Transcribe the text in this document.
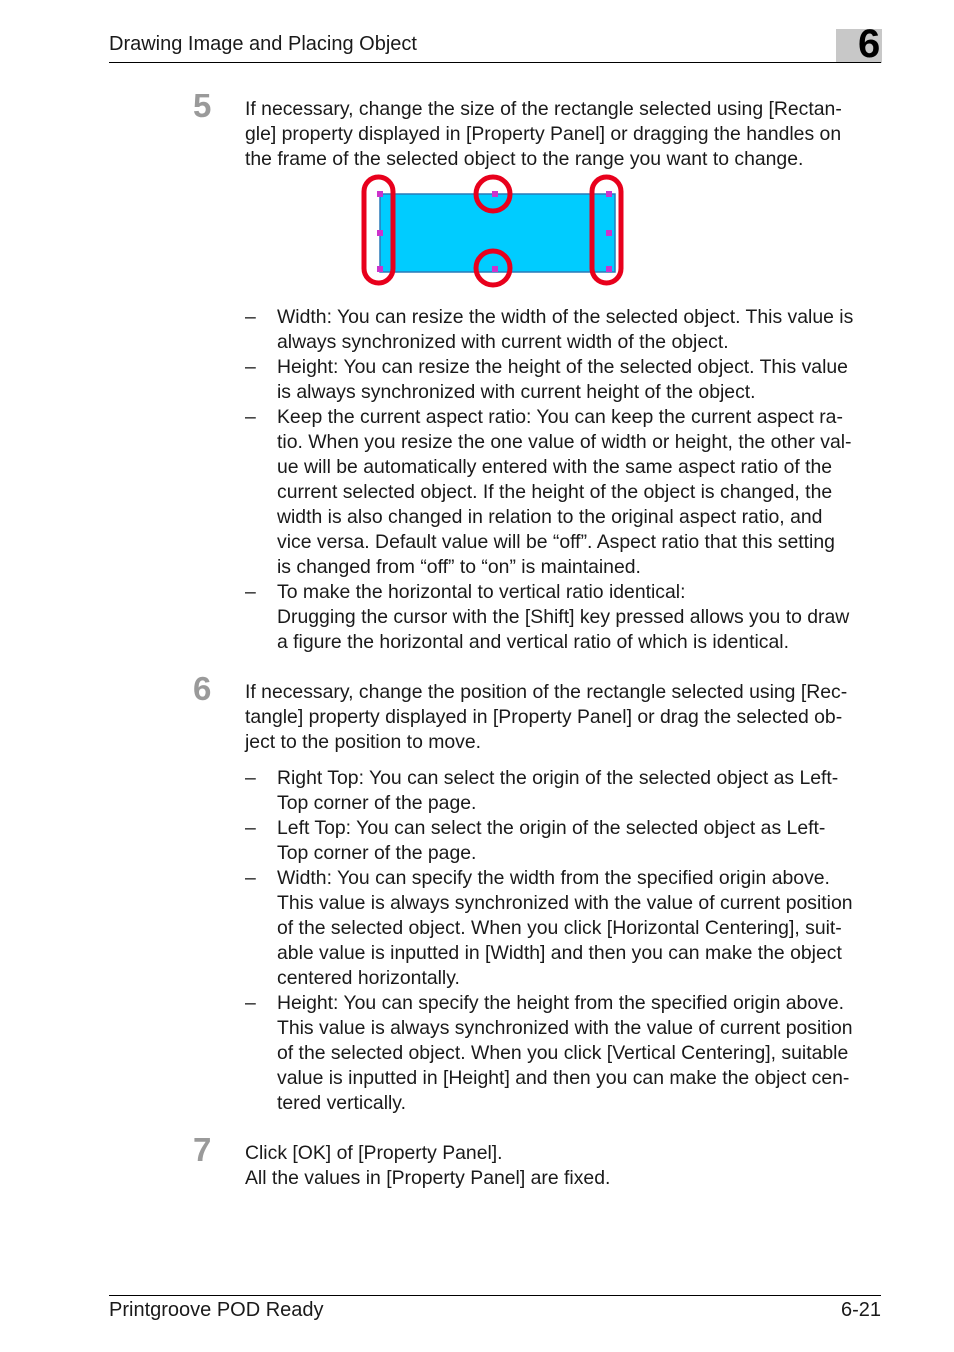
Drawing Image and Placing Object	6
5 If necessary, change the size of the rectangle selected using [Rectan-
gle] property displayed in [Property Panel] or dragging the handles on
the frame of the selected object to the range you want to change.
– Width: You can resize the width of the selected object. This value is
always synchronized with current width of the object.
– Height: You can resize the height of the selected object. This value
is always synchronized with current height of the object.
– Keep the current aspect ratio: You can keep the current aspect ra-
tio. When you resize the one value of width or height, the other val-
ue will be automatically entered with the same aspect ratio of the
current selected object. If the height of the object is changed, the
width is also changed in relation to the original aspect ratio, and
vice versa. Default value will be “off”. Aspect ratio that this setting
is changed from “off” to “on” is maintained.
– To make the horizontal to vertical ratio identical:
Drugging the cursor with the [Shift] key pressed allows you to draw
a figure the horizontal and vertical ratio of which is identical.
6 If necessary, change the position of the rectangle selected using [Rec-
tangle] property displayed in [Property Panel] or drag the selected ob-
ject to the position to move.
– Right Top: You can select the origin of the selected object as Left-
Top corner of the page.
– Left Top: You can select the origin of the selected object as Left-
Top corner of the page.
– Width: You can specify the width from the specified origin above.
This value is always synchronized with the value of current position
of the selected object. When you click [Horizontal Centering], suit-
able value is inputted in [Width] and then you can make the object
centered horizontally.
– Height: You can specify the height from the specified origin above.
This value is always synchronized with the value of current position
of the selected object. When you click [Vertical Centering], suitable
value is inputted in [Height] and then you can make the object cen-
tered vertically.
7 Click [OK] of [Property Panel].
All the values in [Property Panel] are fixed.
Printgroove POD Ready	6-21
